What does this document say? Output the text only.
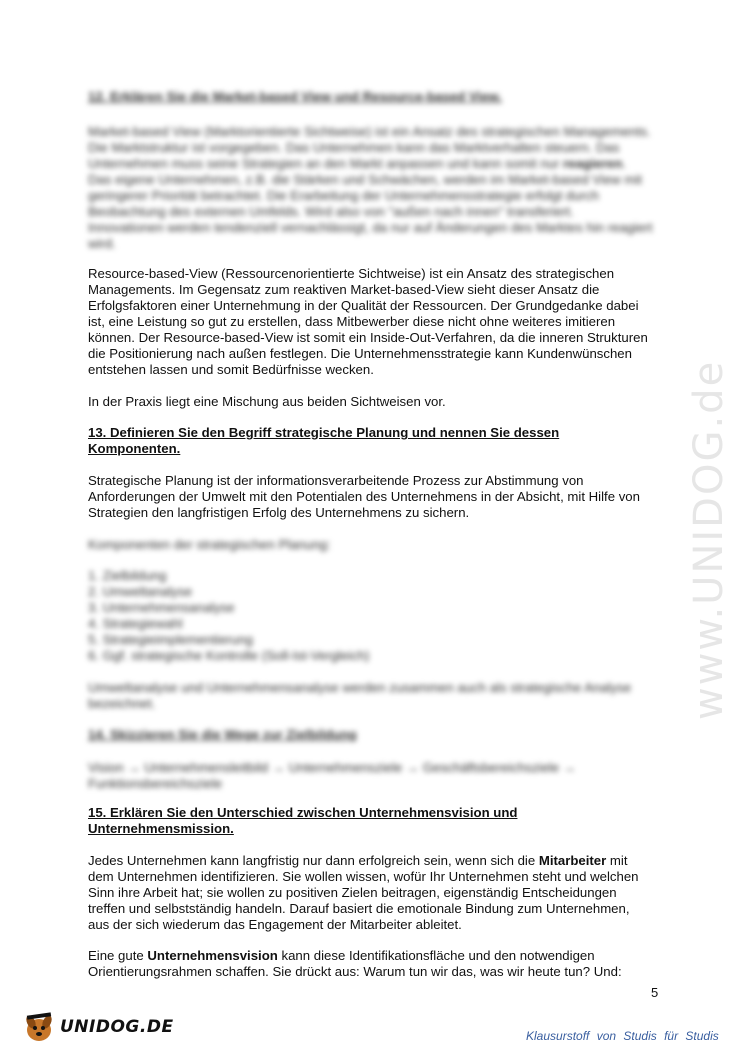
12. Erklären Sie die Market-based View und Resource-based View.

Market-based View (Marktorientierte Sichtweise) ist ein Ansatz des strategischen Managements. Die Marktstruktur ist vorgegeben. Das Unternehmen kann das Marktverhalten steuern. Das Unternehmen muss seine Strategien an den Markt anpassen und kann somit nur reagieren. Das eigene Unternehmen, z.B. die Stärken und Schwächen, werden im Market-based View mit geringerer Priorität betrachtet. Die Erarbeitung der Unternehmensstrategie erfolgt durch Beobachtung des externen Umfelds. Wird also von "außen nach innen" transferiert. Innovationen werden tendenziell vernachlässigt, da nur auf Änderungen des Marktes hin reagiert wird.

Resource-based-View (Ressourcenorientierte Sichtweise) ist ein Ansatz des strategischen Managements. Im Gegensatz zum reaktiven Market-based-View sieht dieser Ansatz die Erfolgsfaktoren einer Unternehmung in der Qualität der Ressourcen. Der Grundgedanke dabei ist, eine Leistung so gut zu erstellen, dass Mitbewerber diese nicht ohne weiteres imitieren können. Der Resource-based-View ist somit ein Inside-Out-Verfahren, da die inneren Strukturen die Positionierung nach außen festlegen. Die Unternehmensstrategie kann Kundenwünschen entstehen lassen und somit Bedürfnisse wecken.

In der Praxis liegt eine Mischung aus beiden Sichtweisen vor.

13. Definieren Sie den Begriff strategische Planung und nennen Sie dessen Komponenten.

Strategische Planung ist der informationsverarbeitende Prozess zur Abstimmung von Anforderungen der Umwelt mit den Potentialen des Unternehmens in der Absicht, mit Hilfe von Strategien den langfristigen Erfolg des Unternehmens zu sichern.

Komponenten der strategischen Planung:

1. Zielbildung
2. Umweltanalyse
3. Unternehmensanalyse
4. Strategiewahl
5. Strategieimplementierung
6. Ggf. strategische Kontrolle (Soll-Ist-Vergleich)

Umweltanalyse und Unternehmensanalyse werden zusammen auch als strategische Analyse bezeichnet.

14. Skizzieren Sie die Wege zur Zielbildung

Vision → Unternehmensleitbild → Unternehmensziele → Geschäftsbereichsziele → Funktionsbereichsziele

15. Erklären Sie den Unterschied zwischen Unternehmensvision und Unternehmensmission.

Jedes Unternehmen kann langfristig nur dann erfolgreich sein, wenn sich die Mitarbeiter mit dem Unternehmen identifizieren. Sie wollen wissen, wofür Ihr Unternehmen steht und welchen Sinn ihre Arbeit hat; sie wollen zu positiven Zielen beitragen, eigenständig Entscheidungen treffen und selbstständig handeln. Darauf basiert die emotionale Bindung zum Unternehmen, aus der sich wiederum das Engagement der Mitarbeiter ableitet.

Eine gute Unternehmensvision kann diese Identifikationsfläche und den notwendigen Orientierungsrahmen schaffen. Sie drückt aus: Warum tun wir das, was wir heute tun? Und:

www.UNIDOG.de
5
UNIDOG.DE	Klausurstoff von Studis für Studis
